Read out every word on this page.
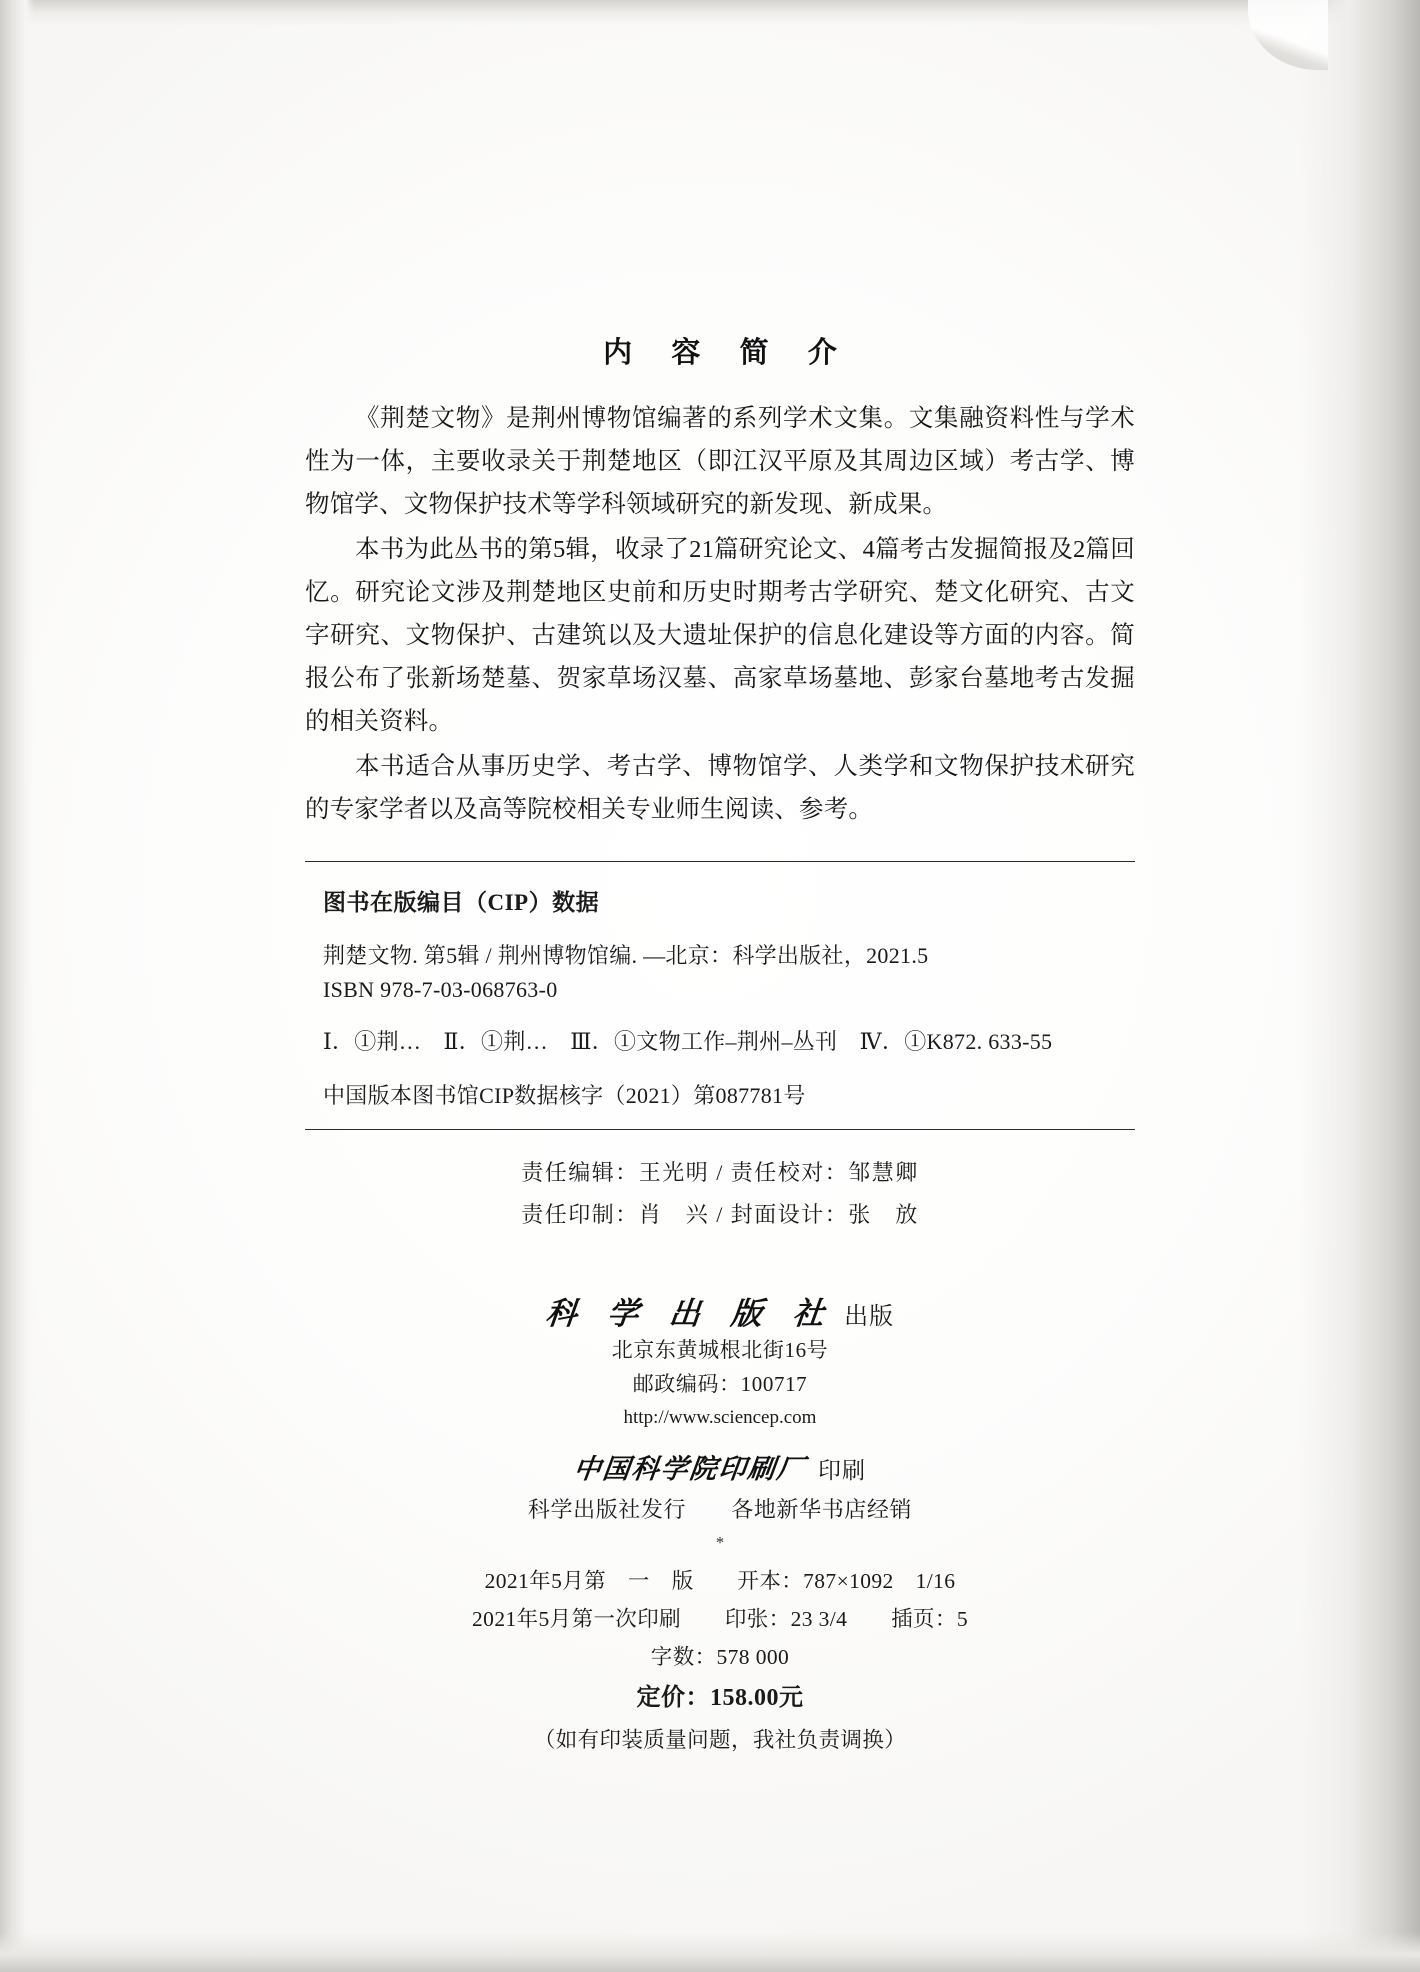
内 容 简 介

《荆楚文物》是荆州博物馆编著的系列学术文集。文集融资料性与学术性为一体，主要收录关于荆楚地区（即江汉平原及其周边区域）考古学、博物馆学、文物保护技术等学科领域研究的新发现、新成果。

本书为此丛书的第5辑，收录了21篇研究论文、4篇考古发掘简报及2篇回忆。研究论文涉及荆楚地区史前和历史时期考古学研究、楚文化研究、古文字研究、文物保护、古建筑以及大遗址保护的信息化建设等方面的内容。简报公布了张新场楚墓、贺家草场汉墓、高家草场墓地、彭家台墓地考古发掘的相关资料。

本书适合从事历史学、考古学、博物馆学、人类学和文物保护技术研究的专家学者以及高等院校相关专业师生阅读、参考。

图书在版编目（CIP）数据
荆楚文物. 第5辑 / 荆州博物馆编. —北京：科学出版社，2021.5
ISBN 978-7-03-068763-0
Ⅰ．①荆…　Ⅱ．①荆…　Ⅲ．①文物工作–荆州–丛刊　Ⅳ．①K872. 633-55
中国版本图书馆CIP数据核字（2021）第087781号
责任编辑：王光明 / 责任校对：邹慧卿
责任印制：肖　兴 / 封面设计：张　放
科 学 出 版 社 出版
北京东黄城根北街16号
邮政编码：100717
http://www.sciencep.com
中国科学院印刷厂 印刷
科学出版社发行　　各地新华书店经销
*
2021年5月第　一　版　　开本：787×1092　1/16
2021年5月第一次印刷　　印张：23 3/4　　插页：5
字数：578 000
定价：158.00元
（如有印装质量问题，我社负责调换）
